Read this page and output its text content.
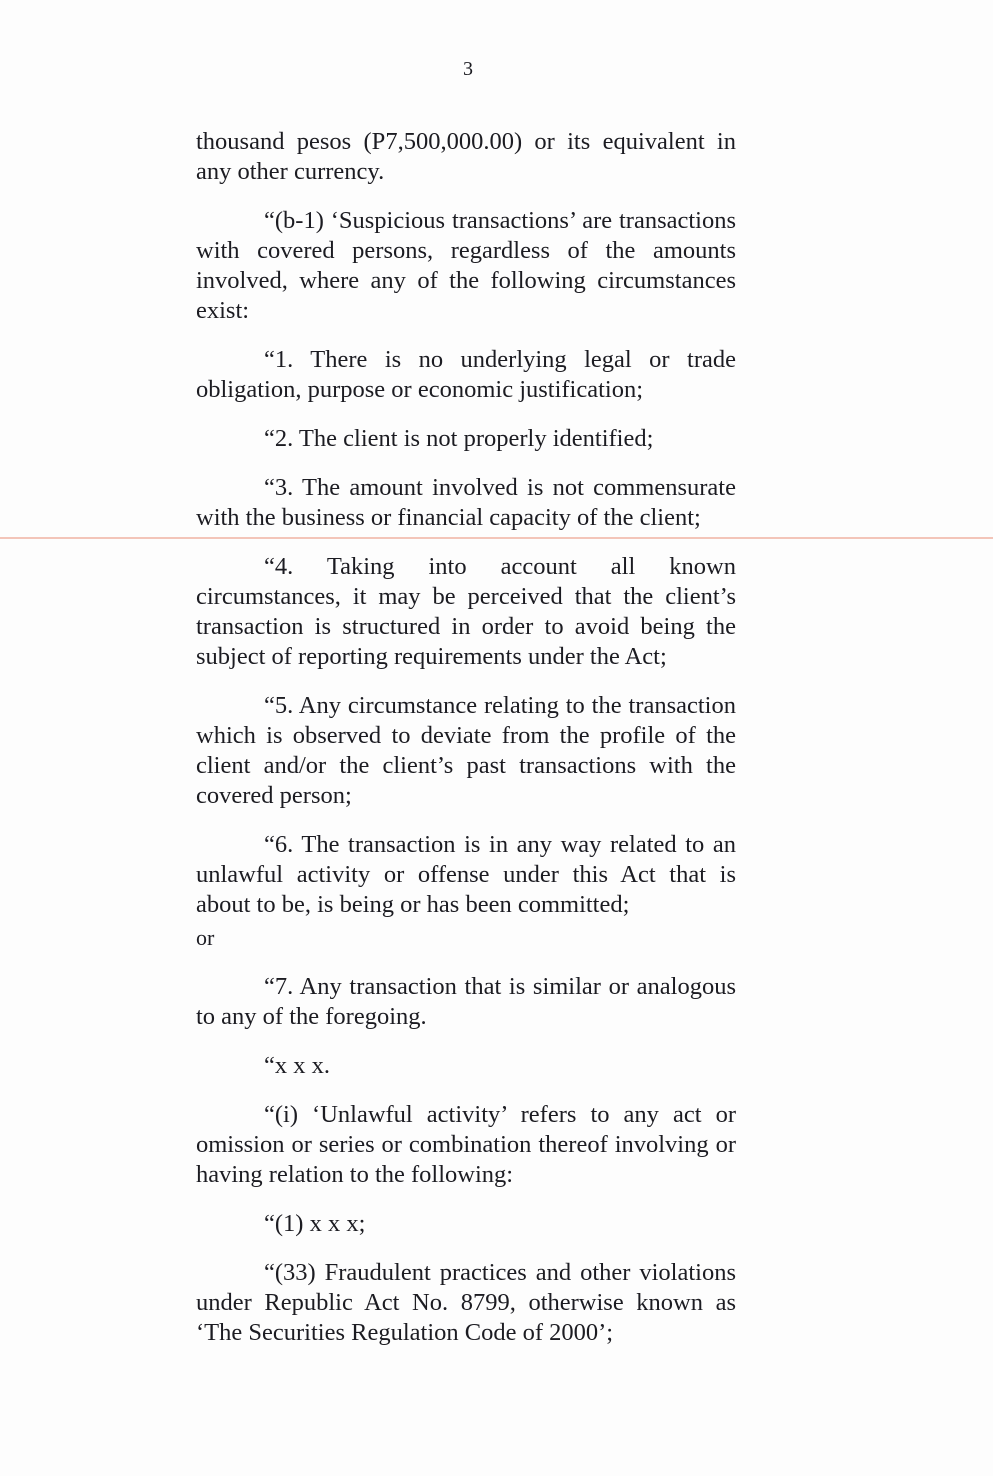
3

thousand pesos (P7,500,000.00) or its equivalent in any other currency.

“(b-1) ‘Suspicious transactions’ are transactions with covered persons, regardless of the amounts involved, where any of the following circumstances exist:

“1. There is no underlying legal or trade obligation, purpose or economic justification;

“2. The client is not properly identified;

“3. The amount involved is not commensurate with the business or financial capacity of the client;

“4. Taking into account all known circumstances, it may be perceived that the client’s transaction is structured in order to avoid being the subject of reporting requirements under the Act;

“5. Any circumstance relating to the transaction which is observed to deviate from the profile of the client and/or the client’s past transactions with the covered person;

“6. The transaction is in any way related to an unlawful activity or offense under this Act that is about to be, is being or has been committed;

or

“7. Any transaction that is similar or analogous to any of the foregoing.

“x x x.

“(i) ‘Unlawful activity’ refers to any act or omission or series or combination thereof involving or having relation to the following:

“(1) x x x;

“(33) Fraudulent practices and other violations under Republic Act No. 8799, otherwise known as ‘The Securities Regulation Code of 2000’;
